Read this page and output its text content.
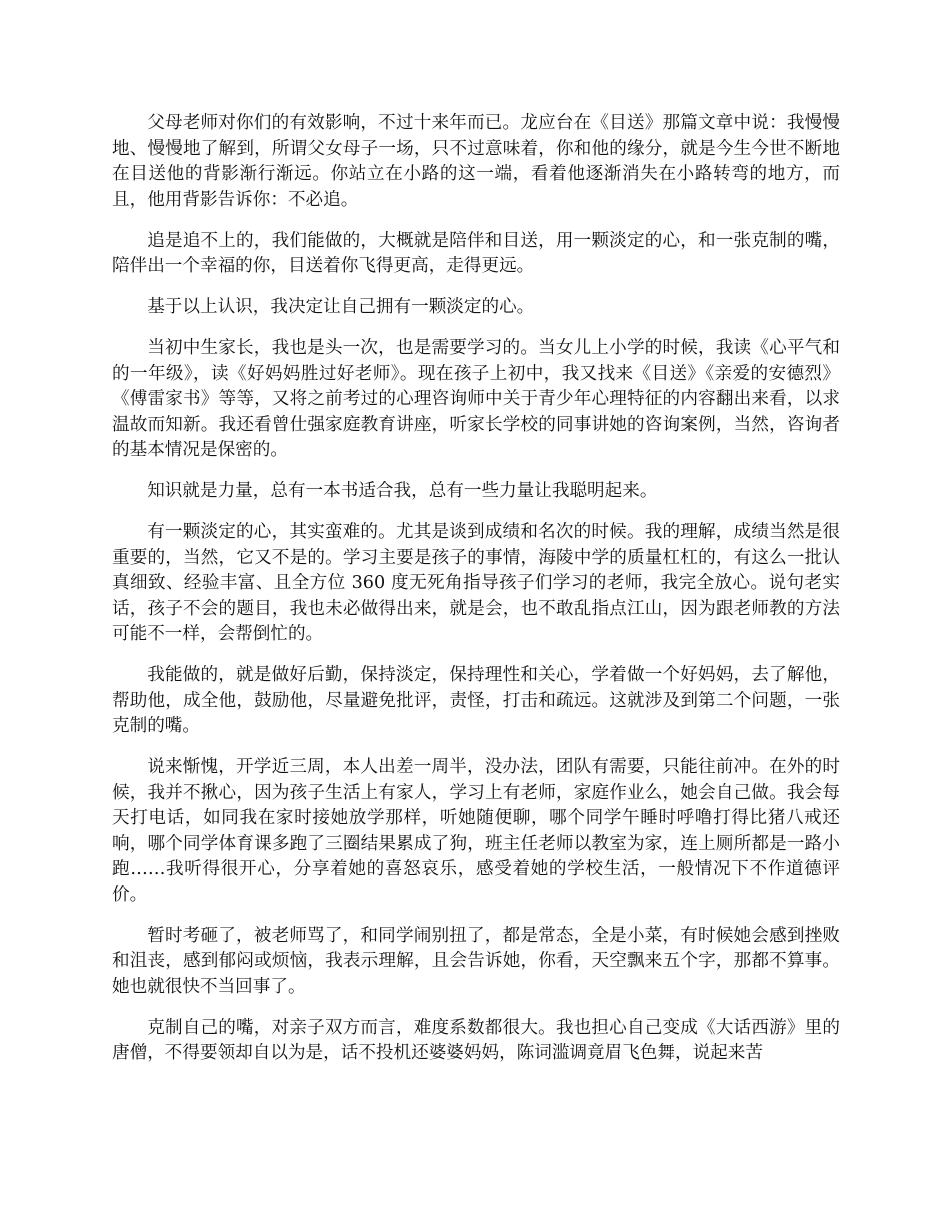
父母老师对你们的有效影响，不过十来年而已。龙应台在《目送》那篇文章中说：我慢慢地、慢慢地了解到，所谓父女母子一场，只不过意味着，你和他的缘分，就是今生今世不断地在目送他的背影渐行渐远。你站立在小路的这一端，看着他逐渐消失在小路转弯的地方，而且，他用背影告诉你：不必追。

追是追不上的，我们能做的，大概就是陪伴和目送，用一颗淡定的心，和一张克制的嘴，陪伴出一个幸福的你，目送着你飞得更高，走得更远。

基于以上认识，我决定让自己拥有一颗淡定的心。

当初中生家长，我也是头一次，也是需要学习的。当女儿上小学的时候，我读《心平气和的一年级》，读《好妈妈胜过好老师》。现在孩子上初中，我又找来《目送》《亲爱的安德烈》《傅雷家书》等等，又将之前考过的心理咨询师中关于青少年心理特征的内容翻出来看，以求温故而知新。我还看曾仕强家庭教育讲座，听家长学校的同事讲她的咨询案例，当然，咨询者的基本情况是保密的。

知识就是力量，总有一本书适合我，总有一些力量让我聪明起来。

有一颗淡定的心，其实蛮难的。尤其是谈到成绩和名次的时候。我的理解，成绩当然是很重要的，当然，它又不是的。学习主要是孩子的事情，海陵中学的质量杠杠的，有这么一批认真细致、经验丰富、且全方位 360 度无死角指导孩子们学习的老师，我完全放心。说句老实话，孩子不会的题目，我也未必做得出来，就是会，也不敢乱指点江山，因为跟老师教的方法可能不一样，会帮倒忙的。

我能做的，就是做好后勤，保持淡定，保持理性和关心，学着做一个好妈妈，去了解他，帮助他，成全他，鼓励他，尽量避免批评，责怪，打击和疏远。这就涉及到第二个问题，一张克制的嘴。

说来惭愧，开学近三周，本人出差一周半，没办法，团队有需要，只能往前冲。在外的时候，我并不揪心，因为孩子生活上有家人，学习上有老师，家庭作业么，她会自己做。我会每天打电话，如同我在家时接她放学那样，听她随便聊，哪个同学午睡时呼噜打得比猪八戒还响，哪个同学体育课多跑了三圈结果累成了狗，班主任老师以教室为家，连上厕所都是一路小跑……我听得很开心，分享着她的喜怒哀乐，感受着她的学校生活，一般情况下不作道德评价。

暂时考砸了，被老师骂了，和同学闹别扭了，都是常态，全是小菜，有时候她会感到挫败和沮丧，感到郁闷或烦恼，我表示理解，且会告诉她，你看，天空飘来五个字，那都不算事。她也就很快不当回事了。

克制自己的嘴，对亲子双方而言，难度系数都很大。我也担心自己变成《大话西游》里的唐僧，不得要领却自以为是，话不投机还婆婆妈妈，陈词滥调竟眉飞色舞，说起来苦
